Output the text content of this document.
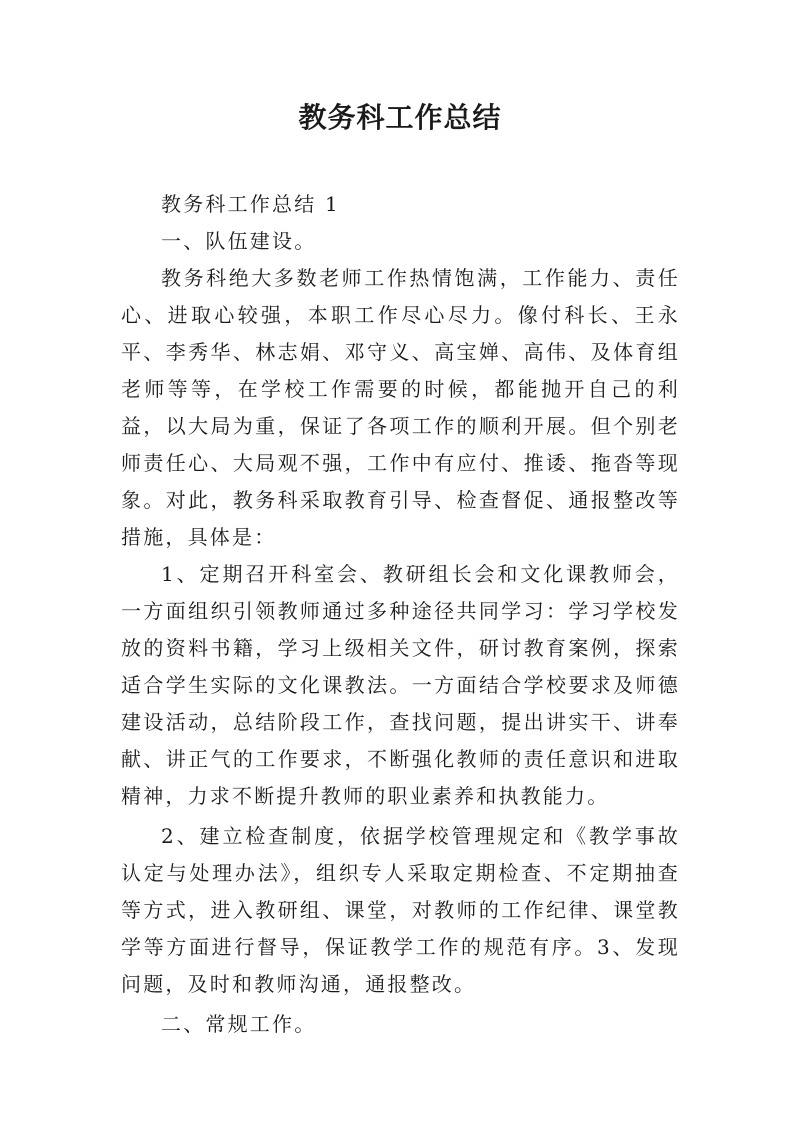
教务科工作总结

教务科工作总结 1

一、队伍建设。

教务科绝大多数老师工作热情饱满，工作能力、责任心、进取心较强，本职工作尽心尽力。像付科长、王永平、李秀华、林志娟、邓守义、高宝婵、高伟、及体育组老师等等，在学校工作需要的时候，都能抛开自己的利益，以大局为重，保证了各项工作的顺利开展。但个别老师责任心、大局观不强，工作中有应付、推诿、拖沓等现象。对此，教务科采取教育引导、检查督促、通报整改等措施，具体是：

1、定期召开科室会、教研组长会和文化课教师会，一方面组织引领教师通过多种途径共同学习：学习学校发放的资料书籍，学习上级相关文件，研讨教育案例，探索适合学生实际的文化课教法。一方面结合学校要求及师德建设活动，总结阶段工作，查找问题，提出讲实干、讲奉献、讲正气的工作要求，不断强化教师的责任意识和进取精神，力求不断提升教师的职业素养和执教能力。

2、建立检查制度，依据学校管理规定和《教学事故认定与处理办法》，组织专人采取定期检查、不定期抽查等方式，进入教研组、课堂，对教师的工作纪律、课堂教学等方面进行督导，保证教学工作的规范有序。3、发现问题，及时和教师沟通，通报整改。

二、常规工作。
